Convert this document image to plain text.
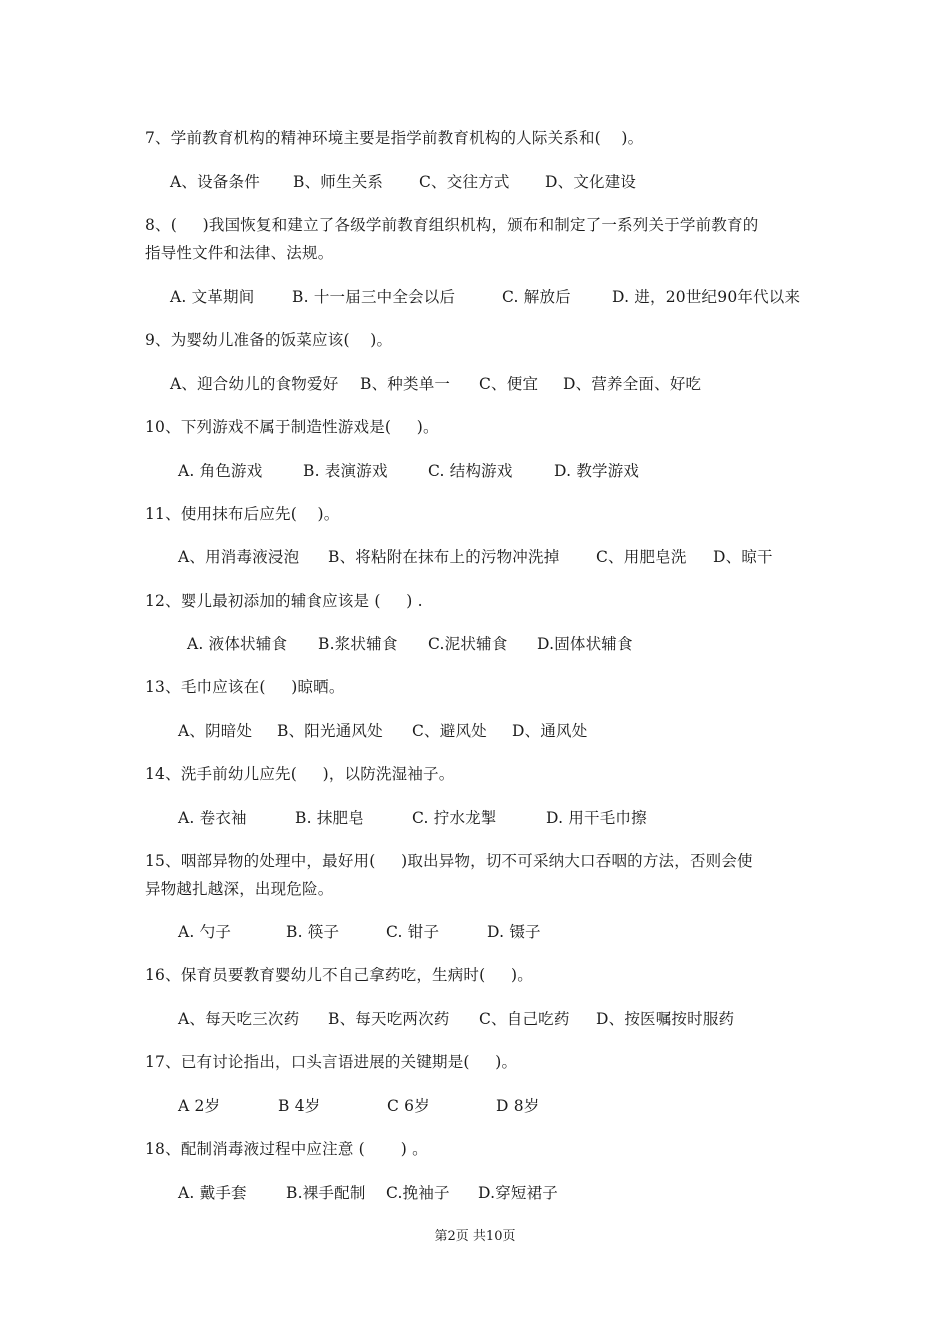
7、学前教育机构的精神环境主要是指学前教育机构的人际关系和(    )。
A、设备条件 B、师生关系 C、交往方式 D、文化建设
8、(     )我国恢复和建立了各级学前教育组织机构，颁布和制定了一系列关于学前教育的
指导性文件和法律、法规。
A. 文革期间 B. 十一届三中全会以后	C. 解放后	D. 进，20世纪90年代以来
9、为婴幼儿准备的饭菜应该(    )。
A、迎合幼儿的食物爱好 B、种类单一 C、便宜 D、营养全面、好吃
10、下列游戏不属于制造性游戏是(     )。
A. 角色游戏	B. 表演游戏	C. 结构游戏	D. 教学游戏
11、使用抹布后应先(    )。
A、用消毒液浸泡 B、将粘附在抹布上的污物冲洗掉 C、用肥皂洗 D、晾干
12、婴儿最初添加的辅食应该是 (     ) .
A. 液体状辅食 B.浆状辅食 C.泥状辅食 D.固体状辅食
13、毛巾应该在(     )晾晒。
A、阴暗处 B、阳光通风处 C、避风处 D、通风处
14、洗手前幼儿应先(     )，以防洗湿袖子。
A. 卷衣袖	B. 抹肥皂	C. 拧水龙掣	D. 用干毛巾擦
15、咽部异物的处理中，最好用(     )取出异物，切不可采纳大口吞咽的方法，否则会使
异物越扎越深，出现危险。
A. 勺子	B. 筷子	C. 钳子	D. 镊子
16、保育员要教育婴幼儿不自己拿药吃，生病时(     )。
A、每天吃三次药 B、每天吃两次药 C、自己吃药 D、按医嘱按时服药
17、已有讨论指出，口头言语进展的关键期是(     )。
A 2岁	B 4岁	C 6岁	D 8岁
18、配制消毒液过程中应注意 (       ) 。
A. 戴手套	B.裸手配制 C.挽袖子 D.穿短裙子
第2页 共10页
